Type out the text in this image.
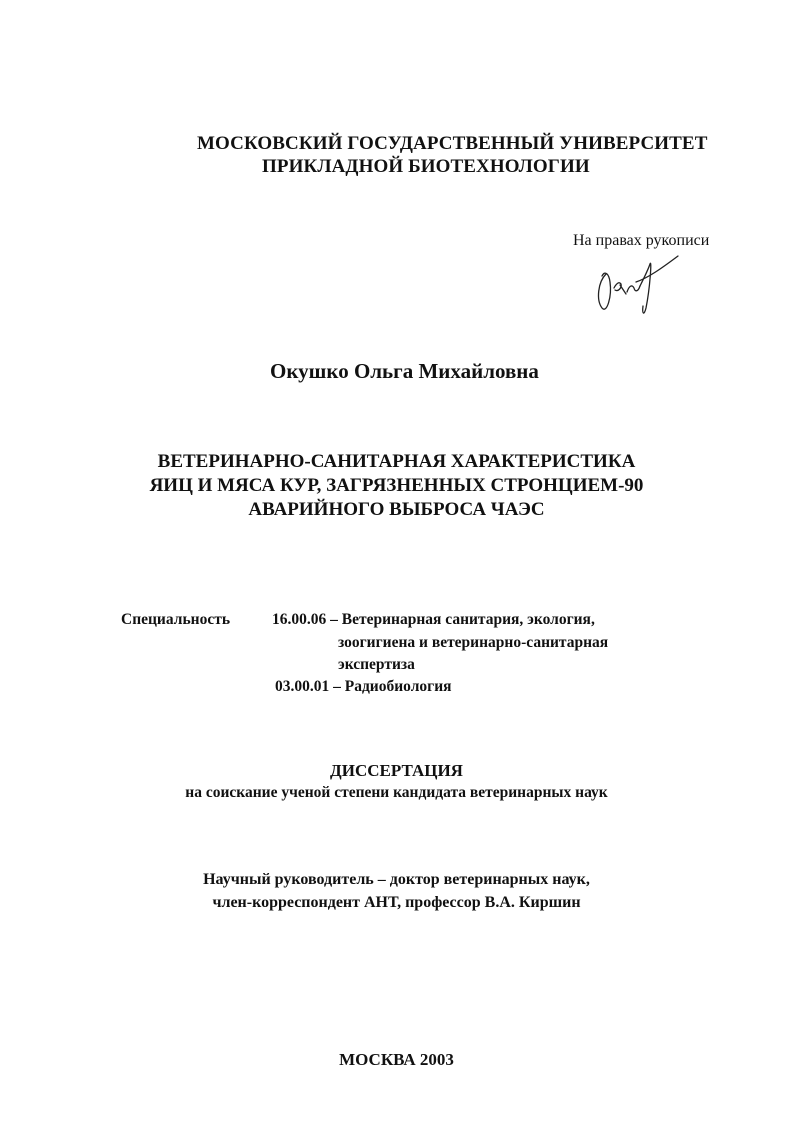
МОСКОВСКИЙ ГОСУДАРСТВЕННЫЙ УНИВЕРСИТЕТ
ПРИКЛАДНОЙ БИОТЕХНОЛОГИИ
На правах рукописи
Окушко Ольга Михайловна
ВЕТЕРИНАРНО-САНИТАРНАЯ ХАРАКТЕРИСТИКА
ЯИЦ И МЯСА КУР, ЗАГРЯЗНЕННЫХ СТРОНЦИЕМ-90
АВАРИЙНОГО ВЫБРОСА ЧАЭС
Специальность	16.00.06 – Ветеринарная санитария, экология,
зоогигиена и ветеринарно-санитарная
экспертиза
03.00.01 – Радиобиология
ДИССЕРТАЦИЯ
на соискание ученой степени кандидата ветеринарных наук
Научный руководитель – доктор ветеринарных наук,
член-корреспондент АНТ, профессор В.А. Киршин
МОСКВА 2003
